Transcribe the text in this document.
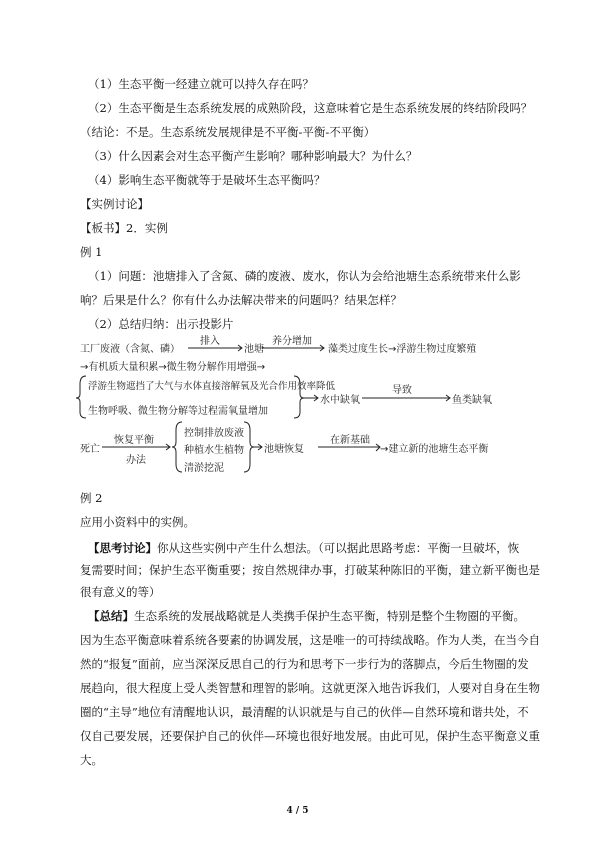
（1）生态平衡一经建立就可以持久存在吗？
（2）生态平衡是生态系统发展的成熟阶段，这意味着它是生态系统发展的终结阶段吗？
（结论：不是。生态系统发展规律是不平衡-平衡-不平衡）
（3）什么因素会对生态平衡产生影响？哪种影响最大？为什么？
（4）影响生态平衡就等于是破坏生态平衡吗？
【实例讨论】
【板书】2．实例
例 1
（1）问题：池塘排入了含氮、磷的废液、废水，你认为会给池塘生态系统带来什么影
响？后果是什么？你有什么办法解决带来的问题吗？结果怎样？
（2）总结归纳：出示投影片
工厂废液（含氮、磷）
排入
池塘
养分增加
藻类过度生长→浮游生物过度繁殖
→有机质大量积累→微生物分解作用增强→
浮游生物遮挡了大气与水体直接溶解氧及光合作用效率降低
生物呼吸、微生物分解等过程需氧量增加
水中缺氧
导致
鱼类缺氧
死亡
恢复平衡
办法
控制排放废液
种植水生植物
清淤挖泥
池塘恢复
在新基础
→建立新的池塘生态平衡
例 2
应用小资料中的实例。
【思考讨论】你从这些实例中产生什么想法。（可以据此思路考虑：平衡一旦破坏，恢
复需要时间；保护生态平衡重要；按自然规律办事，打破某种陈旧的平衡，建立新平衡也是
很有意义的等）
【总结】生态系统的发展战略就是人类携手保护生态平衡，特别是整个生物圈的平衡。
因为生态平衡意味着系统各要素的协调发展，这是唯一的可持续战略。作为人类，在当今自
然的“报复”面前，应当深深反思自己的行为和思考下一步行为的落脚点，今后生物圈的发
展趋向，很大程度上受人类智慧和理智的影响。这就更深入地告诉我们，人要对自身在生物
圈的“主导”地位有清醒地认识，最清醒的认识就是与自己的伙伴—自然环境和谐共处，不
仅自己要发展，还要保护自己的伙伴—环境也很好地发展。由此可见，保护生态平衡意义重
大。
4 / 5
